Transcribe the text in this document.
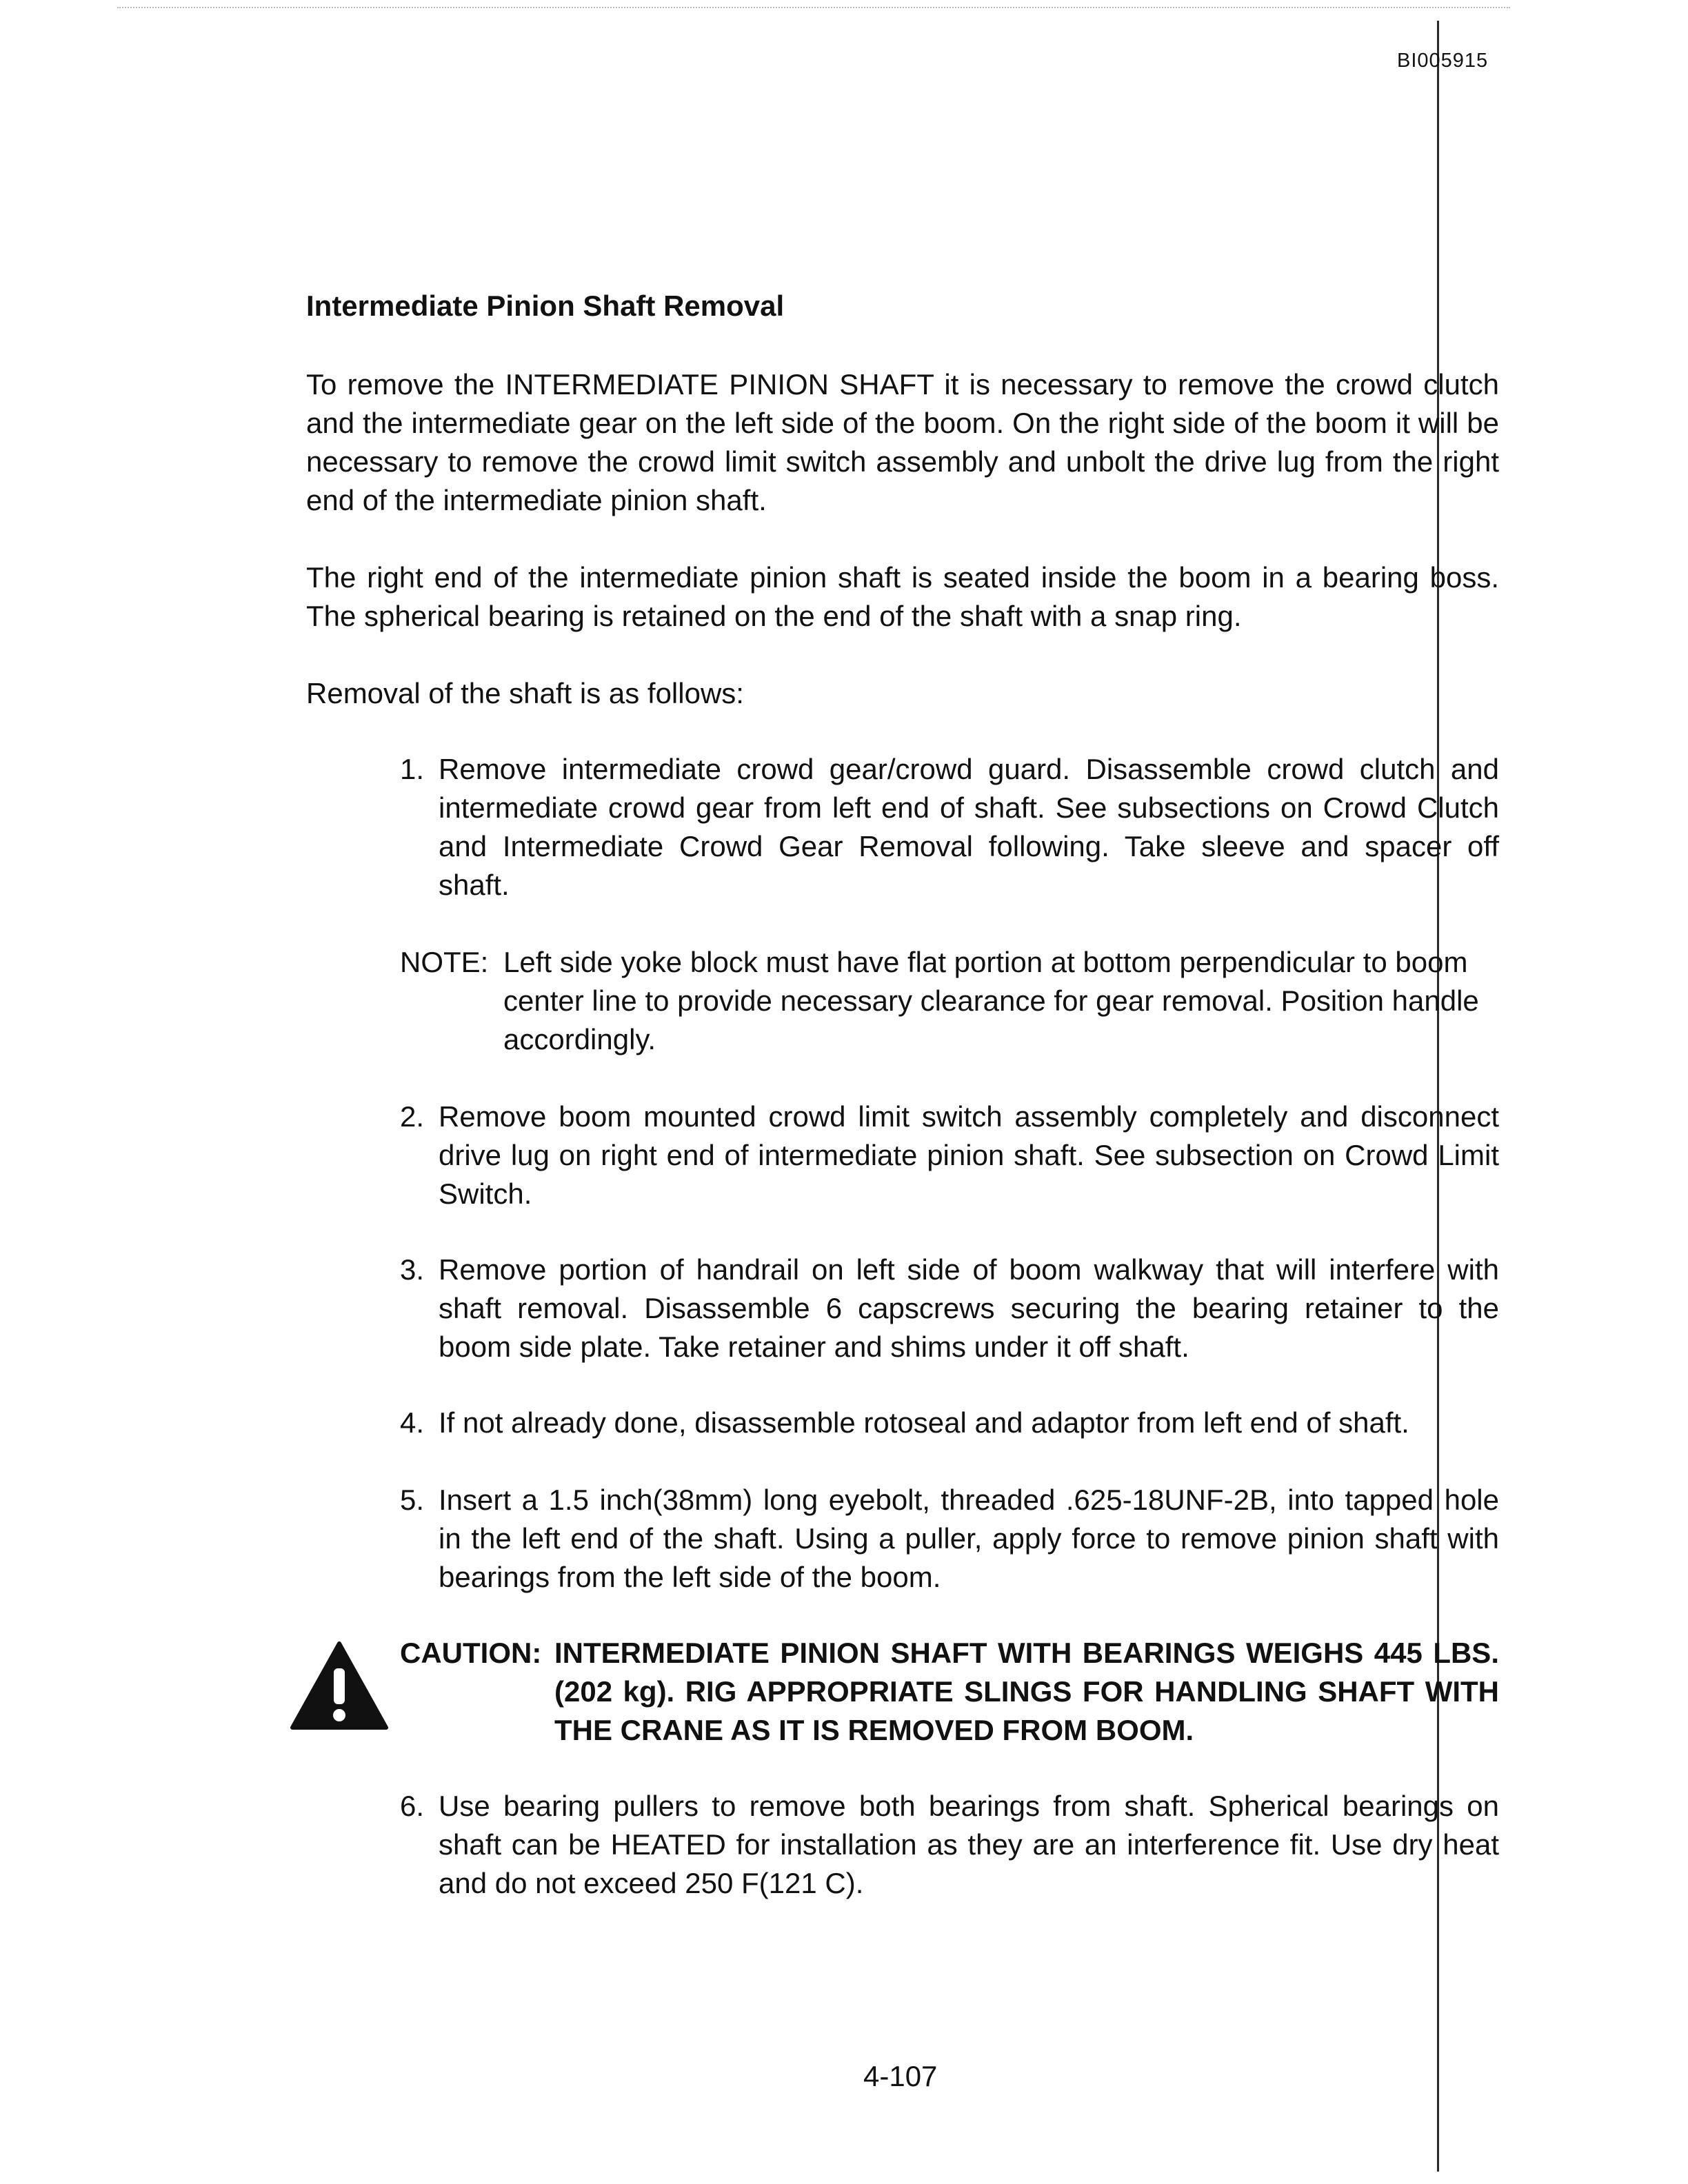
BI005915
Intermediate Pinion Shaft Removal

To remove the INTERMEDIATE PINION SHAFT it is necessary to remove the crowd clutch and the intermediate gear on the left side of the boom. On the right side of the boom it will be necessary to remove the crowd limit switch assembly and unbolt the drive lug from the right end of the intermediate pinion shaft.

The right end of the intermediate pinion shaft is seated inside the boom in a bearing boss. The spherical bearing is retained on the end of the shaft with a snap ring.

Removal of the shaft is as follows:

1. Remove intermediate crowd gear/crowd guard. Disassemble crowd clutch and intermediate crowd gear from left end of shaft. See subsections on Crowd Clutch and Intermediate Crowd Gear Removal following. Take sleeve and spacer off shaft.
NOTE: Left side yoke block must have flat portion at bottom perpendicular to boom center line to provide necessary clearance for gear removal. Position handle accordingly.
2. Remove boom mounted crowd limit switch assembly completely and disconnect drive lug on right end of intermediate pinion shaft. See subsection on Crowd Limit Switch.
3. Remove portion of handrail on left side of boom walkway that will interfere with shaft removal. Disassemble 6 capscrews securing the bearing retainer to the boom side plate. Take retainer and shims under it off shaft.
4. If not already done, disassemble rotoseal and adaptor from left end of shaft.
5. Insert a 1.5 inch(38mm) long eyebolt, threaded .625-18UNF-2B, into tapped hole in the left end of the shaft. Using a puller, apply force to remove pinion shaft with bearings from the left side of the boom.
CAUTION: INTERMEDIATE PINION SHAFT WITH BEARINGS WEIGHS 445 LBS.(202 kg). RIG APPROPRIATE SLINGS FOR HANDLING SHAFT WITH THE CRANE AS IT IS REMOVED FROM BOOM.
6. Use bearing pullers to remove both bearings from shaft. Spherical bearings on shaft can be HEATED for installation as they are an interference fit. Use dry heat and do not exceed 250 F(121 C).
4-107
